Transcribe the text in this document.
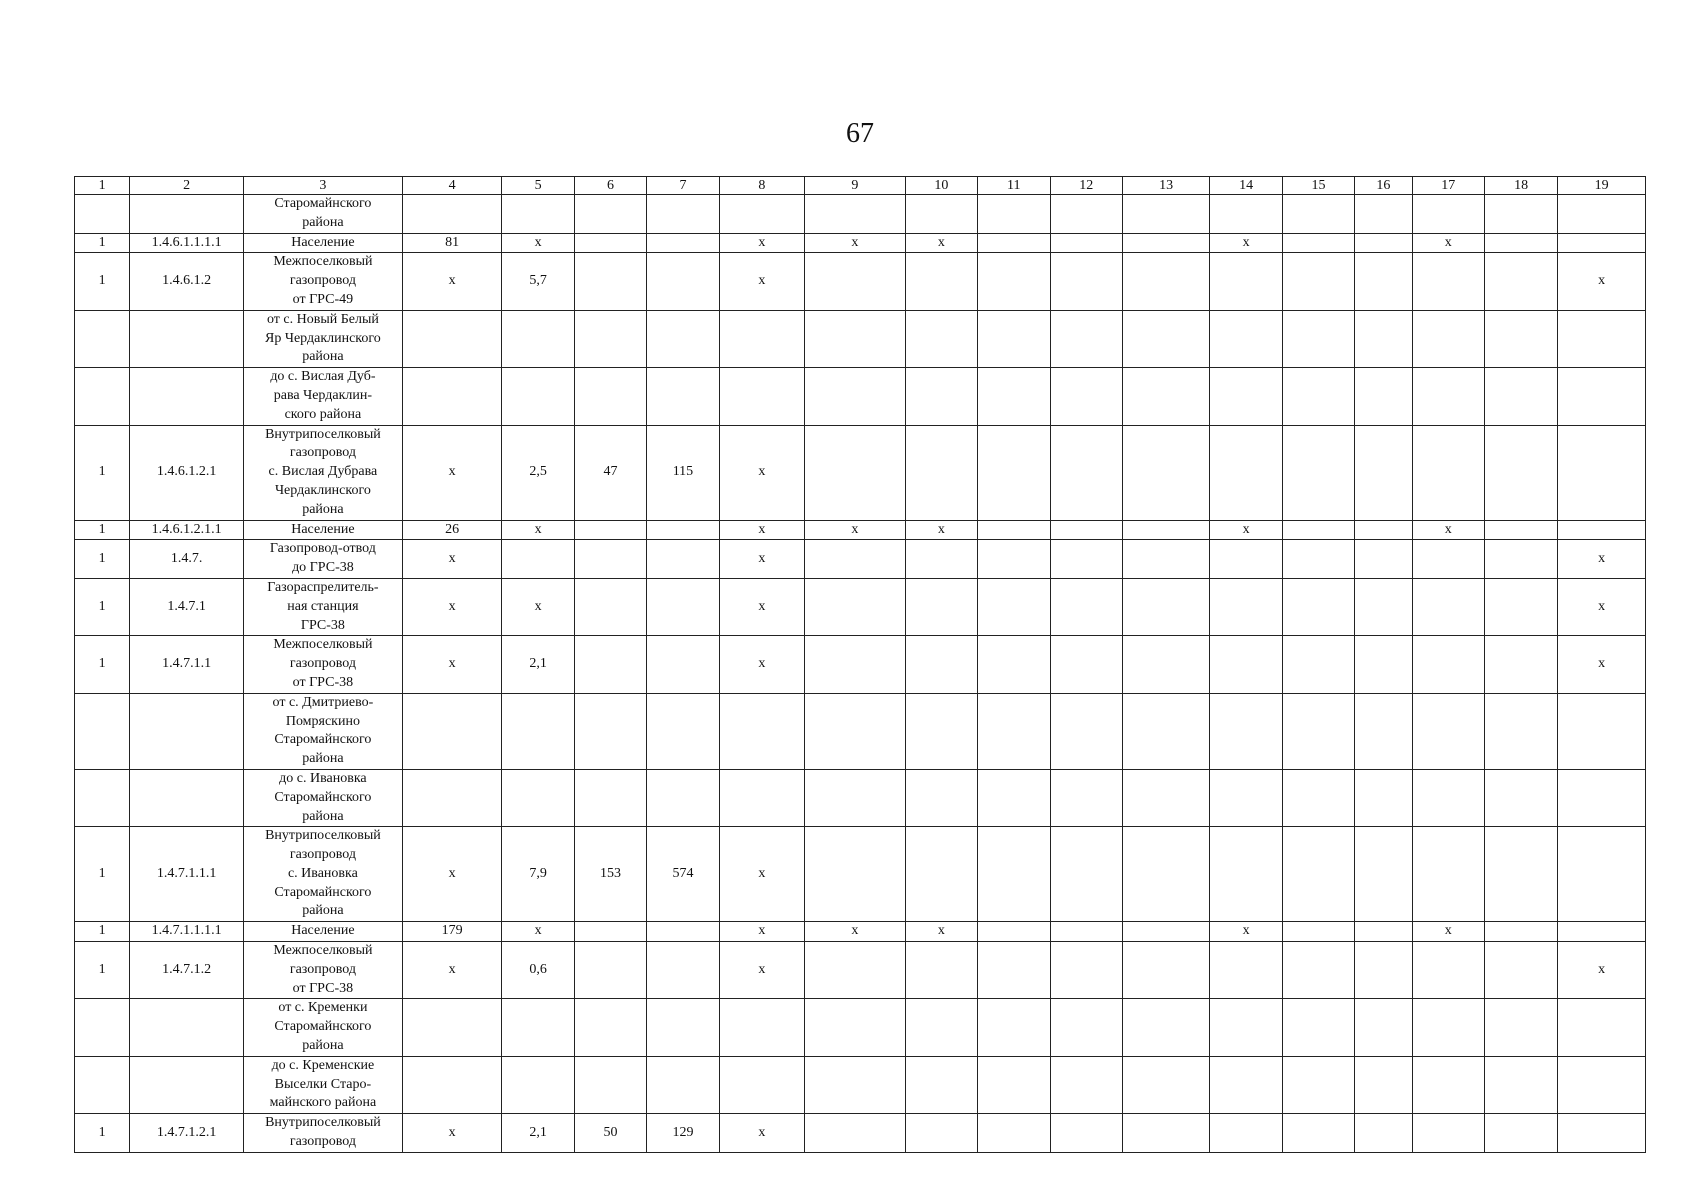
67
1	2	3	4	5	6	7	8	9	10	11	12	13	14	15	16	17	18	19
		Старомайнского
района																
1	1.4.6.1.1.1.1	Население	81	x			x	x	x				x			x		
1	1.4.6.1.2	Межпоселковый
газопровод
от ГРС-49	x	5,7			x											x
		от с. Новый Белый
Яр Чердаклинского
района																
		до с. Вислая Дуб-
рава Чердаклин-
ского района																
1	1.4.6.1.2.1	Внутрипоселковый
газопровод
с. Вислая Дубрава
Чердаклинского
района	x	2,5	47	115	x											
1	1.4.6.1.2.1.1	Население	26	x			x	x	x				x			x		
1	1.4.7.	Газопровод-отвод
до ГРС-38	x				x											x
1	1.4.7.1	Газораспрелитель-
ная станция
ГРС-38	x	x			x											x
1	1.4.7.1.1	Межпоселковый
газопровод
от ГРС-38	x	2,1			x											x
		от с. Дмитриево-
Помряскино
Старомайнского
района																
		до с. Ивановка
Старомайнского
района																
1	1.4.7.1.1.1	Внутрипоселковый
газопровод
с. Ивановка
Старомайнского
района	x	7,9	153	574	x											
1	1.4.7.1.1.1.1	Население	179	x			x	x	x				x			x		
1	1.4.7.1.2	Межпоселковый
газопровод
от ГРС-38	x	0,6			x											x
		от с. Кременки
Старомайнского
района																
		до с. Кременские
Выселки Старо-
майнского района																
1	1.4.7.1.2.1	Внутрипоселковый
газопровод	x	2,1	50	129	x											
